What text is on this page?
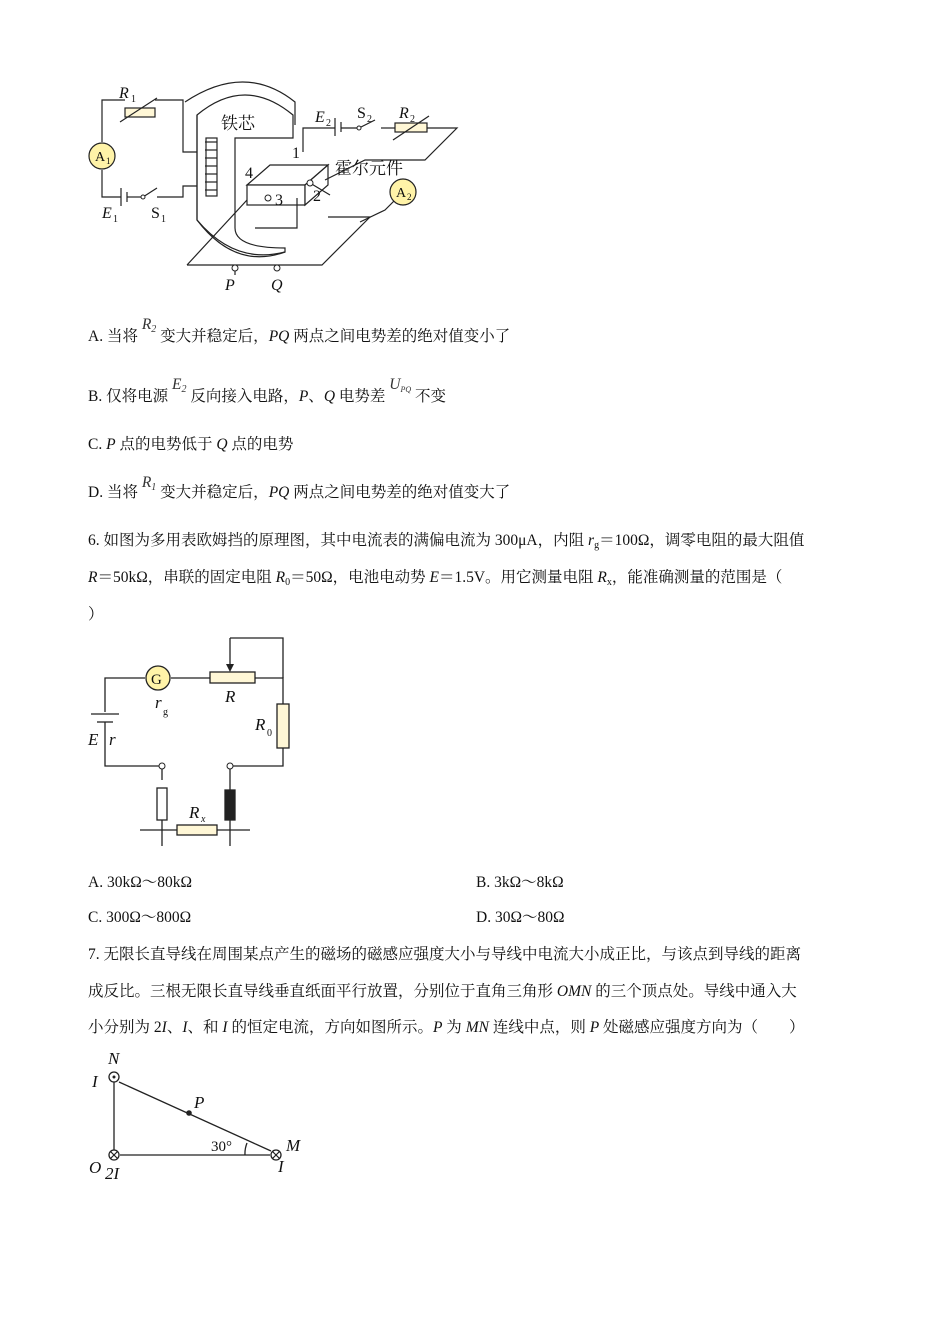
R 1
A 1
E 1 S 1
铁芯	E 2
S 2 R 2
霍尔元件
A 2
1
2
3
4
P Q
A. 当将 $R_2$ 变大并稳定后，PQ 两点之间电势差的绝对值变小了
B. 仅将电源 $E_2$ 反向接入电路，P、Q 电势差 $U_{PQ}$ 不变
C. P 点的电势低于 Q 点的电势
D. 当将 $R_1$ 变大并稳定后，PQ 两点之间电势差的绝对值变大了
6. 如图为多用表欧姆挡的原理图，其中电流表的满偏电流为 300μA，内阻 $r_g=100\Omega$，调零电阻的最大阻值
R＝50kΩ，串联的固定电阻 $R_0=50\Omega$，电池电动势 E＝1.5V。用它测量电阻 $R_x$，能准确测量的范围是（
）
G
r
g
R
R 0
E r
R x
A. 30kΩ～80kΩ	B. 3kΩ～8kΩ
C. 300Ω～800Ω	D. 30Ω～80Ω
7. 无限长直导线在周围某点产生的磁场的磁感应强度大小与导线中电流大小成正比，与该点到导线的距离
成反比。三根无限长直导线垂直纸面平行放置，分别位于直角三角形 OMN 的三个顶点处。导线中通入大
小分别为 2I、I、和 I 的恒定电流，方向如图所示。P 为 MN 连线中点，则 P 处磁感应强度方向为（　　）
N
I
P
30°	M
I
O 2I
